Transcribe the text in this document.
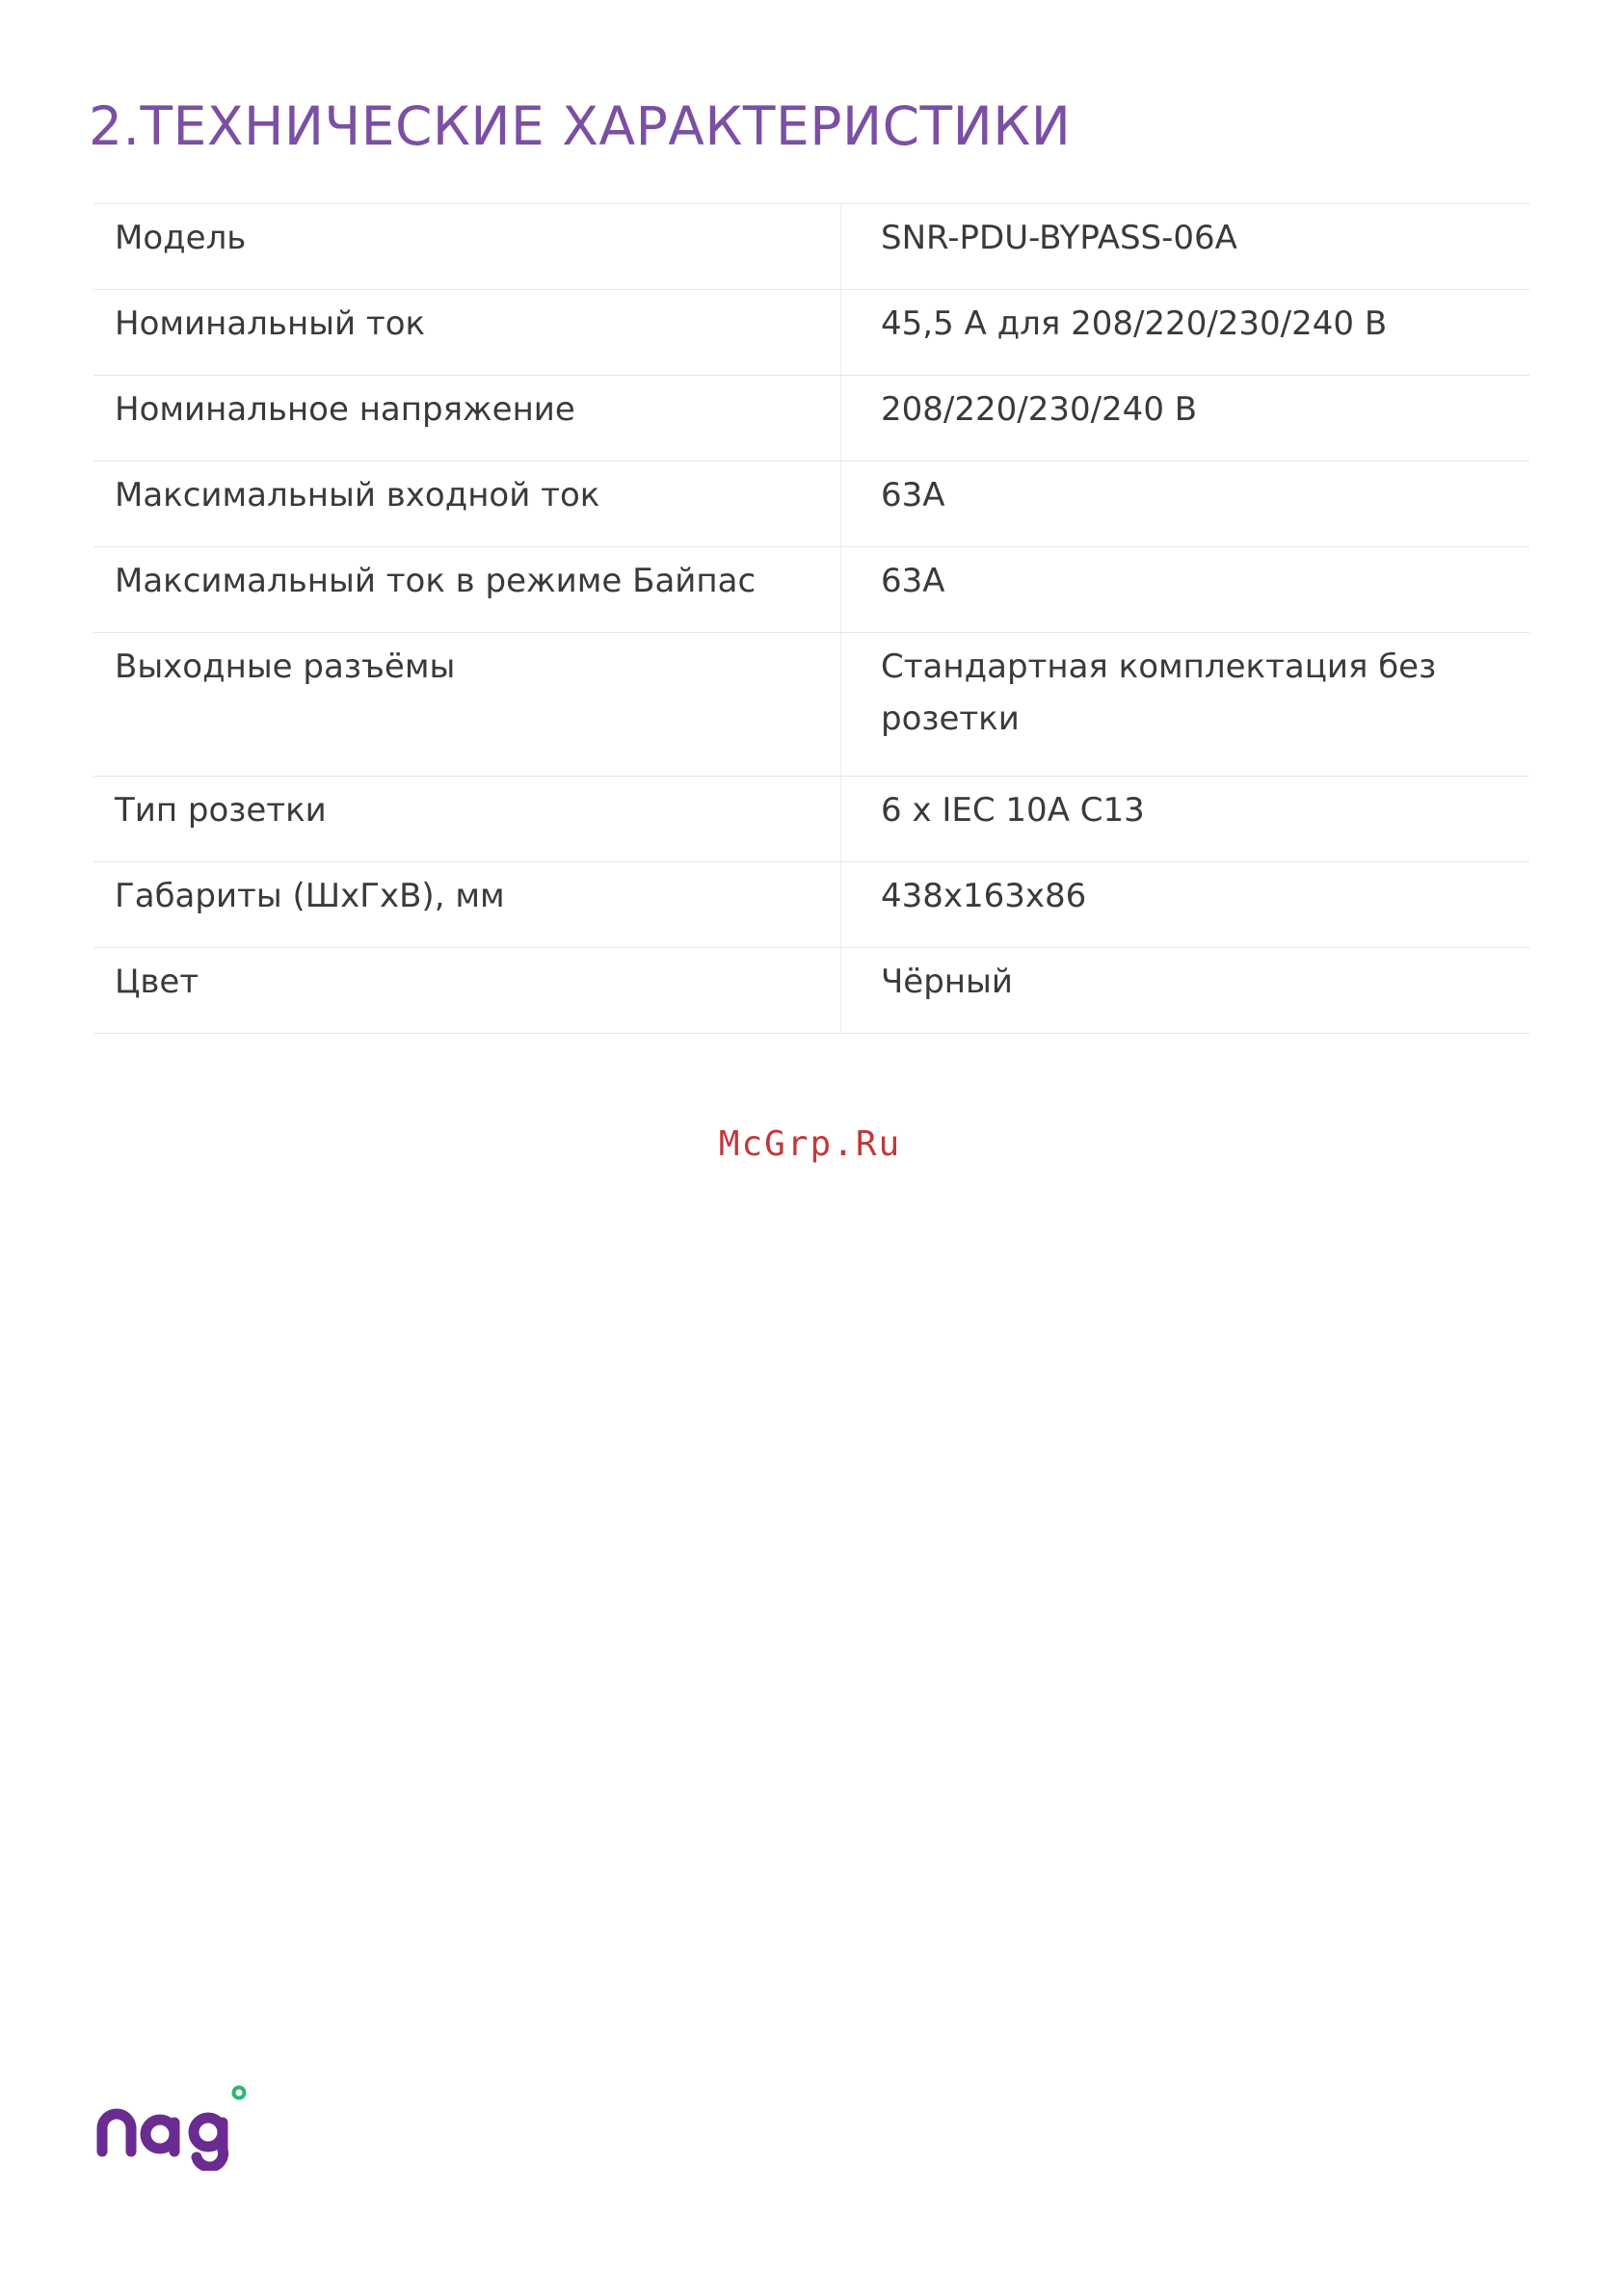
2.ТЕХНИЧЕСКИЕ ХАРАКТЕРИСТИКИ
Модель	SNR-PDU-BYPASS-06A
Номинальный ток	45,5 А для 208/220/230/240 В
Номинальное напряжение	208/220/230/240 В
Максимальный входной ток	63A
Максимальный ток в режиме Байпас	63A
Выходные разъёмы	Стандартная комплектация без розетки
Тип розетки	6 x IEC 10A C13
Габариты (ШхГхВ), мм	438x163x86
Цвет	Чёрный
McGrp.Ru
